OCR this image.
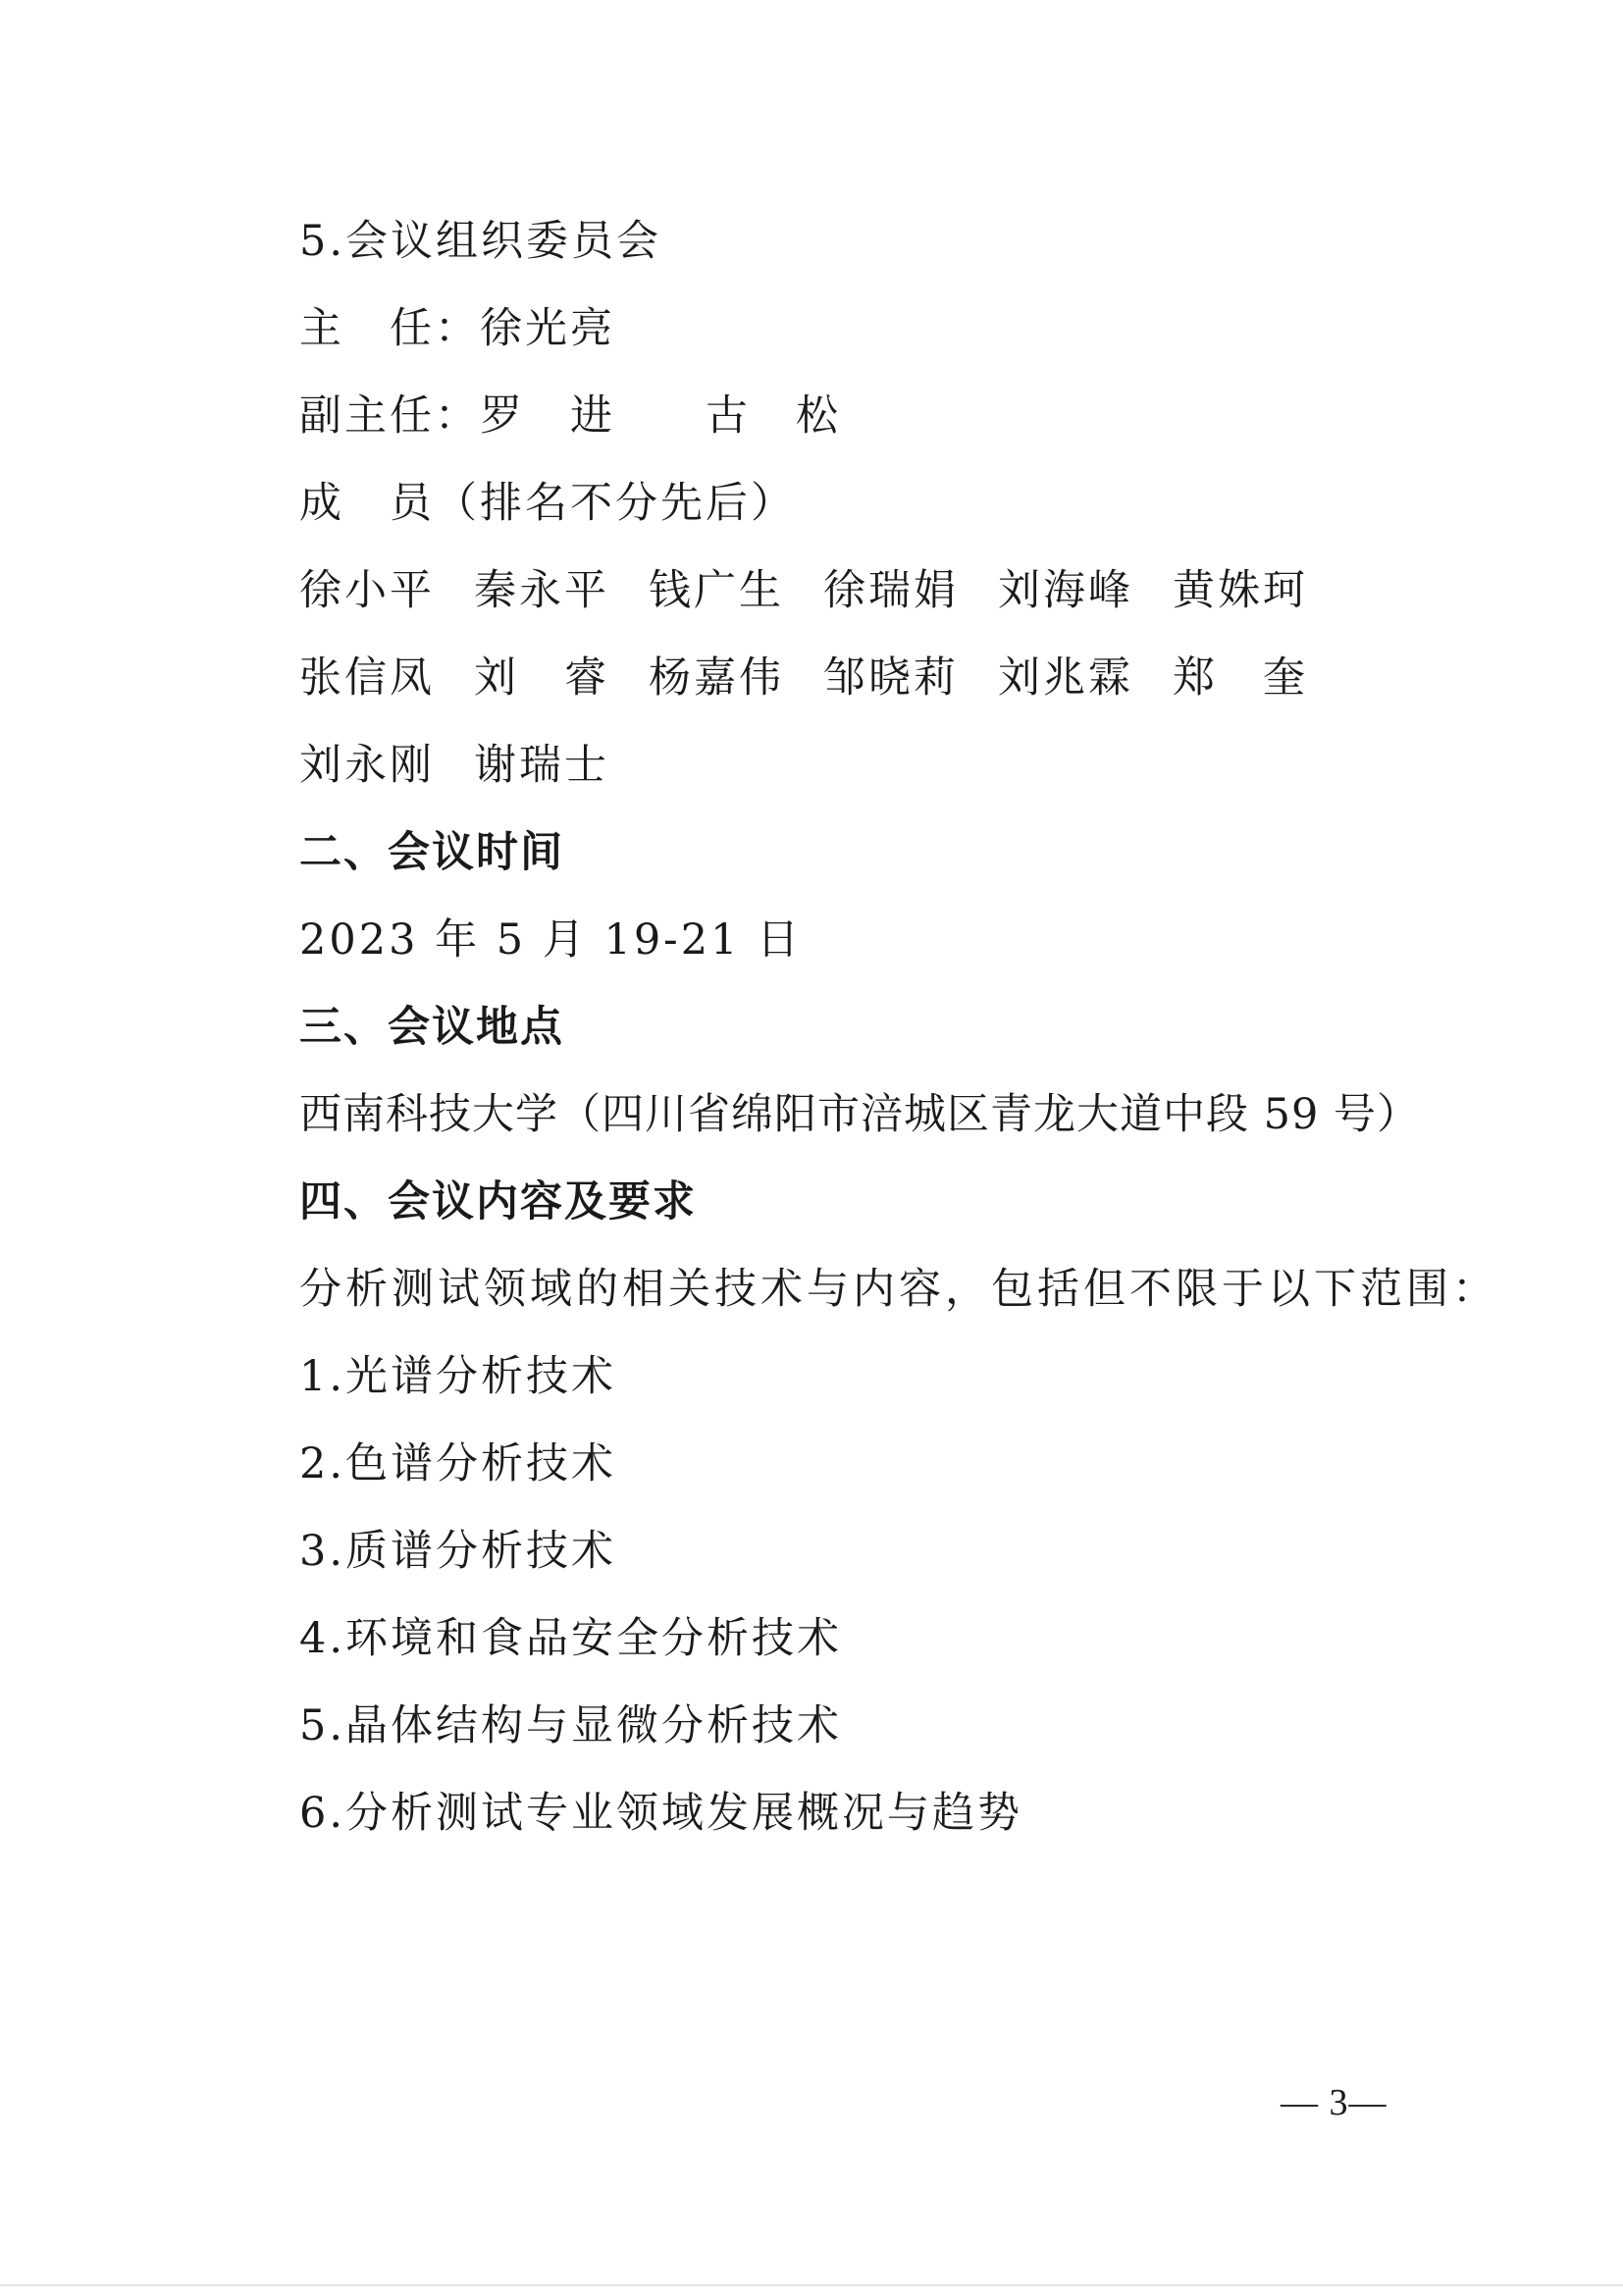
5.会议组织委员会
主　任：徐光亮
副主任：罗　进　　古　松
成　员（排名不分先后）
徐小平 秦永平 钱广生 徐瑞娟 刘海峰 黄姝珂
张信凤 刘　睿 杨嘉伟 邹晓莉 刘兆霖 郑　奎
刘永刚 谢瑞士
二、会议时间
2023 年 5 月 19-21 日
三、会议地点
西南科技大学（四川省绵阳市涪城区青龙大道中段 59 号）
四、会议内容及要求
分析测试领域的相关技术与内容，包括但不限于以下范围：
1.光谱分析技术
2.色谱分析技术
3.质谱分析技术
4.环境和食品安全分析技术
5.晶体结构与显微分析技术
6.分析测试专业领域发展概况与趋势
— 3—
